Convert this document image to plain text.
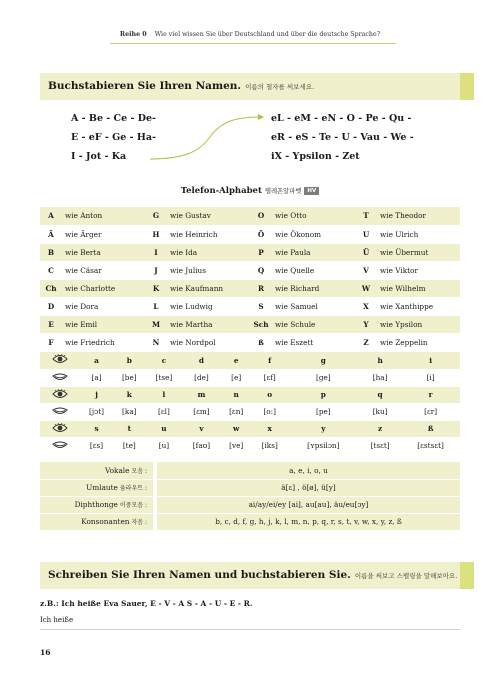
Reihe 0 Wie viel wissen Sie über Deutschland und über die deutsche Sprache?
Buchstabieren Sie Ihren Namen. 이름의 철자를 써보세요.
A - Be - Ce - De-
E - eF - Ge - Ha-
I - Jot - Ka
eL - eM - eN - O - Pe - Qu -
eR - eS - Te - U - Vau - We -
iX - Ypsilon - Zet
Telefon-Alphabet 텔레폰알파벳 HV
A	wie Anton	G	wie Gustav	O	wie Otto	T	wie Theodor
Ä	wie Ärger	H	wie Heinrich	Ö	wie Ökonom	U	wie Ulrich
B	wie Berta	I	wie Ida	P	wie Paula	Ü	wie Übermut
C	wie Cäsar	J	wie Julius	Q	wie Quelle	V	wie Viktor
Ch	wie Charlotte	K	wie Kaufmann	R	wie Richard	W	wie Wilhelm
D	wie Dora	L	wie Ludwig	S	wie Samuel	X	wie Xanthippe
E	wie Emil	M	wie Martha	Sch	wie Schule	Y	wie Ypsilon
F	wie Friedrich	N	wie Nordpol	ß	wie Eszett	Z	wie Zeppelin
	a	b	c	d	e	f	g	h	i
	[a]	[be]	[tse]	[de]	[e]	[ɛf]	[ge]	[ha]	[i]
	j	k	l	m	n	o	p	q	r
	[jɔt]	[ka]	[ɛl]	[ɛm]	[ɛn]	[o:]	[pe]	[ku]	[ɛr]
	s	t	u	v	w	x	y	z	ß
	[ɛs]	[te]	[u]	[faʊ]	[ve]	[iks]	[ʏpsilɔn]	[tsɛt]	[ɛstsɛt]
Vokale 모음 :	a, e, i, o, u
Umlaute 움라우트 :	ä[ɛ] , ö[ø], ü[y]
Diphthonge 이중모음 :	ai/ay/ei/ey [ai], au[au], äu/eu[ɔy]
Konsonanten 자음 :	b, c, d, f, g, h, j, k, l, m, n, p, q, r, s, t, v, w, x, y, z, ß
Schreiben Sie Ihren Namen und buchstabieren Sie. 이름을 써보고 스펠링을 말해보아요.
z.B.: Ich heiße Eva Sauer, E - V - A S - A - U - E - R.
Ich heiße
16
